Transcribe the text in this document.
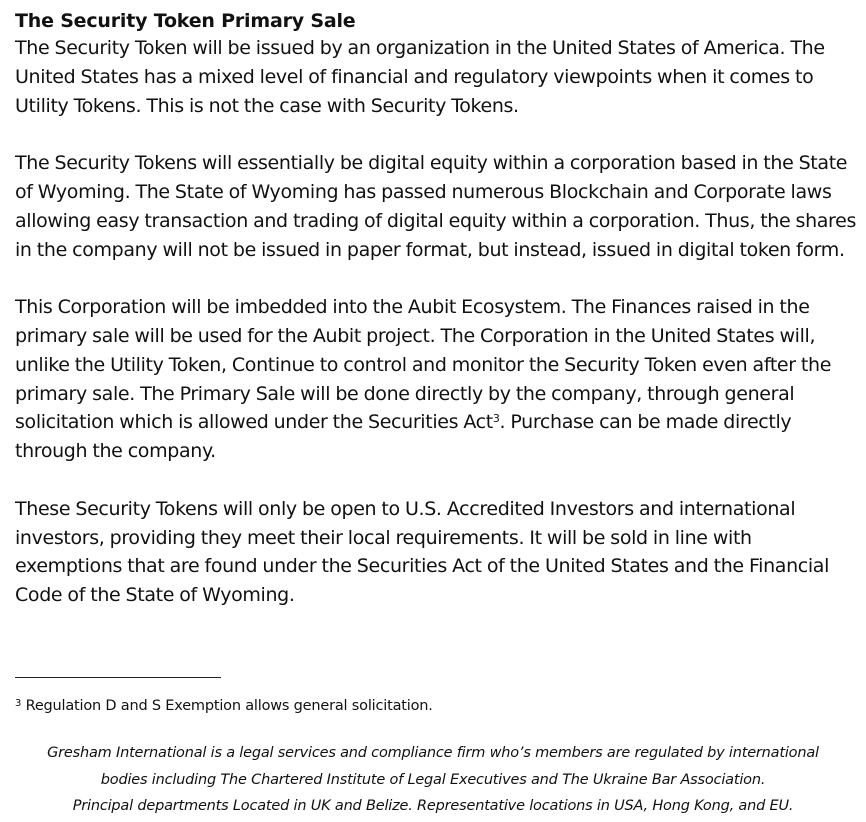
The Security Token Primary Sale

The Security Token will be issued by an organization in the United States of America. The United States has a mixed level of financial and regulatory viewpoints when it comes to Utility Tokens. This is not the case with Security Tokens.

The Security Tokens will essentially be digital equity within a corporation based in the State of Wyoming. The State of Wyoming has passed numerous Blockchain and Corporate laws allowing easy transaction and trading of digital equity within a corporation. Thus, the shares in the company will not be issued in paper format, but instead, issued in digital token form.

This Corporation will be imbedded into the Aubit Ecosystem. The Finances raised in the primary sale will be used for the Aubit project. The Corporation in the United States will, unlike the Utility Token, Continue to control and monitor the Security Token even after the primary sale. The Primary Sale will be done directly by the company, through general solicitation which is allowed under the Securities Act$^3$. Purchase can be made directly through the company.

These Security Tokens will only be open to U.S. Accredited Investors and international investors, providing they meet their local requirements. It will be sold in line with exemptions that are found under the Securities Act of the United States and the Financial Code of the State of Wyoming.

$^3$ Regulation D and S Exemption allows general solicitation.

Gresham International is a legal services and compliance firm who’s members are regulated by international
bodies including The Chartered Institute of Legal Executives and The Ukraine Bar Association.
Principal departments Located in UK and Belize. Representative locations in USA, Hong Kong, and EU.
